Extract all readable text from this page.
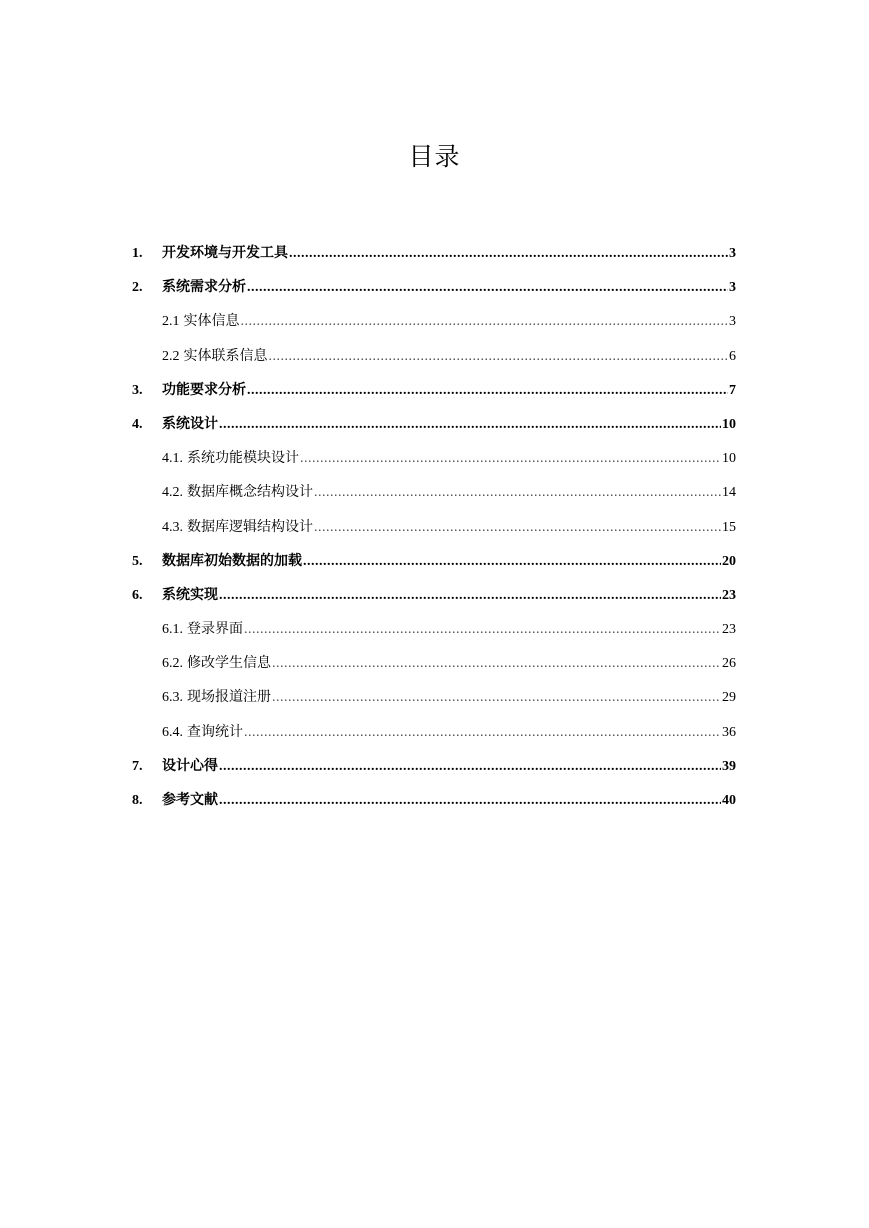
目录
1.	开发环境与开发工具 .....	3
2.	系统需求分析 .....	3
2.1 实体信息 .....	3
2.2 实体联系信息 .....	6
3.	功能要求分析 .....	7
4.	系统设计 .....	10
4.1. 系统功能模块设计 .....	10
4.2. 数据库概念结构设计 .....	14
4.3. 数据库逻辑结构设计 .....	15
5.	数据库初始数据的加载 .....	20
6.	系统实现 .....	23
6.1. 登录界面 .....	23
6.2. 修改学生信息 .....	26
6.3. 现场报道注册 .....	29
6.4. 查询统计 .....	36
7.	设计心得 .....	39
8.	参考文献 .....	40
